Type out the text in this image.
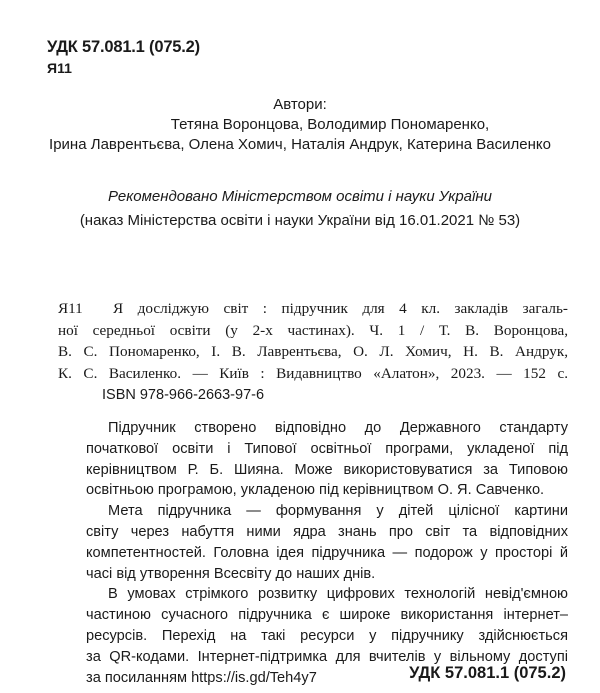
УДК 57.081.1 (075.2)
Я11
Автори:
Тетяна Воронцова, Володимир Пономаренко,
Ірина Лаврентьєва, Олена Хомич, Наталія Андрук, Катерина Василенко
Рекомендовано Міністерством освіти і науки України
(наказ Міністерства освіти і науки України від 16.01.2021 № 53)
Я11	Я досліджую світ : підручник для 4 кл. закладів загаль-
ної середньої освіти (у 2-х частинах). Ч. 1 / Т. В. Воронцова,
В. С. Пономаренко, І. В. Лаврентьєва, О. Л. Хомич, Н. В. Андрук,
К. С. Василенко. — Київ : Видавництво «Алатон», 2023. — 152 с.
ISBN 978-966-2663-97-6
Підручник створено відповідно до Державного стандарту
початкової освіти і Типової освітньої програми, укладеної під
керівництвом Р. Б. Шияна. Може використовуватися за Типовою
освітньою програмою, укладеною під керівництвом О. Я. Савченко.
Мета підручника — формування у дітей цілісної картини
світу через набуття ними ядра знань про світ та відповідних
компетентностей. Головна ідея підручника — подорож у просторі й
часі від утворення Всесвіту до наших днів.
В умовах стрімкого розвитку цифрових технологій невід'ємною
частиною сучасного підручника є широке використання інтернет–
ресурсів. Перехід на такі ресурси у підручнику здійснюється
за QR-кодами. Інтернет-підтримка для вчителів у вільному доступі
за посиланням https://is.gd/Teh4y7	УДК 57.081.1 (075.2)
